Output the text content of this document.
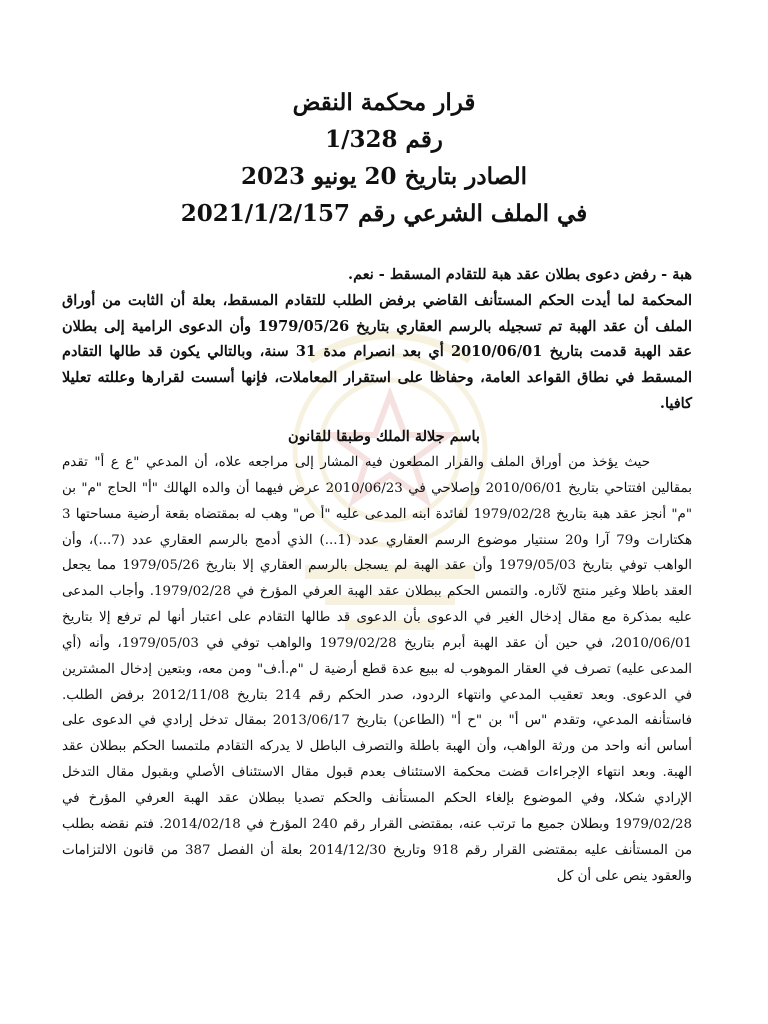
قرار محكمة النقض
رقم 1/328
الصادر بتاريخ 20 يونيو 2023
في الملف الشرعي رقم 2021/1/2/157

هبة - رفض دعوى بطلان عقد هبة للتقادم المسقط - نعم.

المحكمة لما أيدت الحكم المستأنف القاضي برفض الطلب للتقادم المسقط، بعلة أن الثابت من أوراق الملف أن عقد الهبة تم تسجيله بالرسم العقاري بتاريخ 1979/05/26 وأن الدعوى الرامية إلى بطلان عقد الهبة قدمت بتاريخ 2010/06/01 أي بعد انصرام مدة 31 سنة، وبالتالي يكون قد طالها التقادم المسقط في نطاق القواعد العامة، وحفاظا على استقرار المعاملات، فإنها أسست لقرارها وعللته تعليلا كافيا.

باسم جلالة الملك وطبقا للقانون

حيث يؤخذ من أوراق الملف والقرار المطعون فيه المشار إلى مراجعه علاه، أن المدعي "ع ع أ" تقدم بمقالين افتتاحي بتاريخ 2010/06/01 وإصلاحي في 2010/06/23 عرض فيهما أن والده الهالك "أ" الحاج "م" بن "م" أنجز عقد هبة بتاريخ 1979/02/28 لفائدة ابنه المدعى عليه "أ ص" وهب له بمقتضاه بقعة أرضية مساحتها 3 هكتارات و79 آرا و20 سنتيار موضوع الرسم العقاري عدد (1...) الذي أدمج بالرسم العقاري عدد (7...)، وأن الواهب توفي بتاريخ 1979/05/03 وأن عقد الهبة لم يسجل بالرسم العقاري إلا بتاريخ 1979/05/26 مما يجعل العقد باطلا وغير منتج لآثاره. والتمس الحكم ببطلان عقد الهبة العرفي المؤرخ في 1979/02/28. وأجاب المدعى عليه بمذكرة مع مقال إدخال الغير في الدعوى بأن الدعوى قد طالها التقادم على اعتبار أنها لم ترفع إلا بتاريخ 2010/06/01، في حين أن عقد الهبة أبرم بتاريخ 1979/02/28 والواهب توفي في 1979/05/03، وأنه (أي المدعى عليه) تصرف في العقار الموهوب له ببيع عدة قطع أرضية ل "م.أ.ف" ومن معه، وبتعين إدخال المشترين في الدعوى. وبعد تعقيب المدعي وانتهاء الردود، صدر الحكم رقم 214 بتاريخ 2012/11/08 برفض الطلب. فاستأنفه المدعي، وتقدم "س أ" بن "ح أ" (الطاعن) بتاريخ 2013/06/17 بمقال تدخل إرادي في الدعوى على أساس أنه واحد من ورثة الواهب، وأن الهبة باطلة والتصرف الباطل لا يدركه التقادم ملتمسا الحكم ببطلان عقد الهبة. وبعد انتهاء الإجراءات قضت محكمة الاستئناف بعدم قبول مقال الاستئناف الأصلي وبقبول مقال التدخل الإرادي شكلا، وفي الموضوع بإلغاء الحكم المستأنف والحكم تصديا ببطلان عقد الهبة العرفي المؤرخ في 1979/02/28 وبطلان جميع ما ترتب عنه، بمقتضى القرار رقم 240 المؤرخ في 2014/02/18. فتم نقضه بطلب من المستأنف عليه بمقتضى القرار رقم 918 وتاريخ 2014/12/30 بعلة أن الفصل 387 من قانون الالتزامات والعقود ينص على أن كل
